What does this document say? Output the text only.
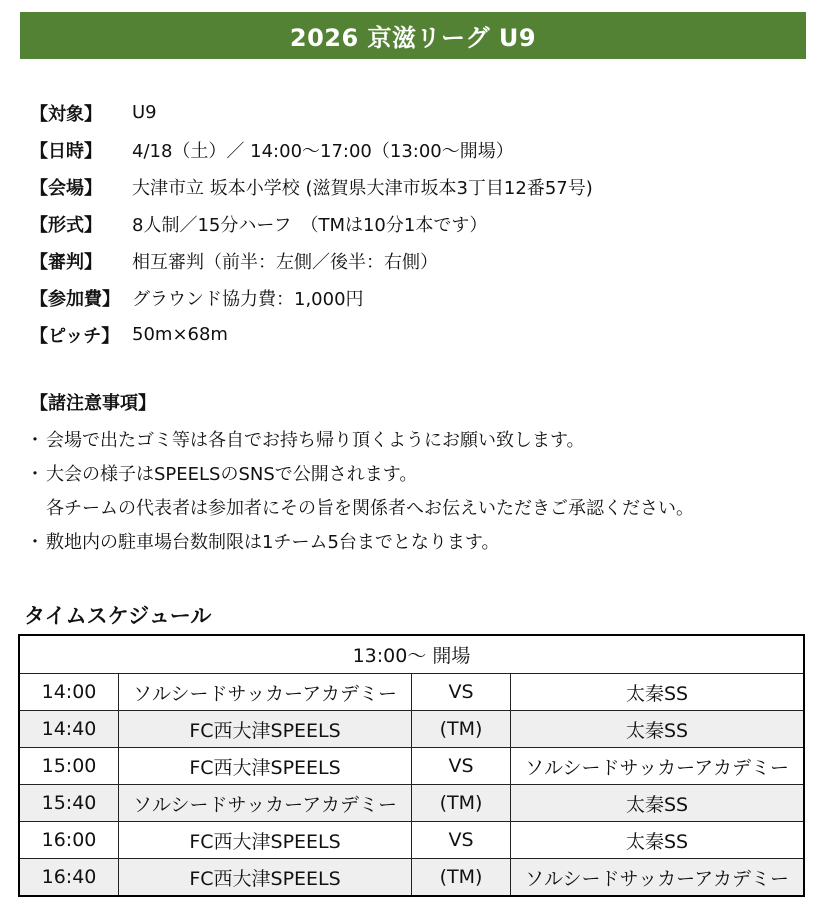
2026 京滋リーグ U9
【対象】	U9
【日時】	4/18（土）／ 14:00～17:00（13:00～開場）
【会場】	大津市立 坂本小学校 (滋賀県大津市坂本3丁目12番57号)
【形式】	8人制／15分ハーフ　（TMは10分1本です）
【審判】	相互審判（前半：左側／後半：右側）
【参加費】 グラウンド協力費：1,000円
【ピッチ】 50m×68m
【諸注意事項】
・ 会場で出たゴミ等は各自でお持ち帰り頂くようにお願い致します。
・ 大会の様子はSPEELSのSNSで公開されます。
各チームの代表者は参加者にその旨を関係者へお伝えいただきご承認ください。
・ 敷地内の駐車場台数制限は1チーム5台までとなります。
タイムスケジュール
13:00～ 開場			
14:00	ソルシードサッカーアカデミー	VS	太秦SS
14:40	FC西大津SPEELS	(TM)	太秦SS
15:00	FC西大津SPEELS	VS	ソルシードサッカーアカデミー
15:40	ソルシードサッカーアカデミー	(TM)	太秦SS
16:00	FC西大津SPEELS	VS	太秦SS
16:40	FC西大津SPEELS	(TM)	ソルシードサッカーアカデミー
